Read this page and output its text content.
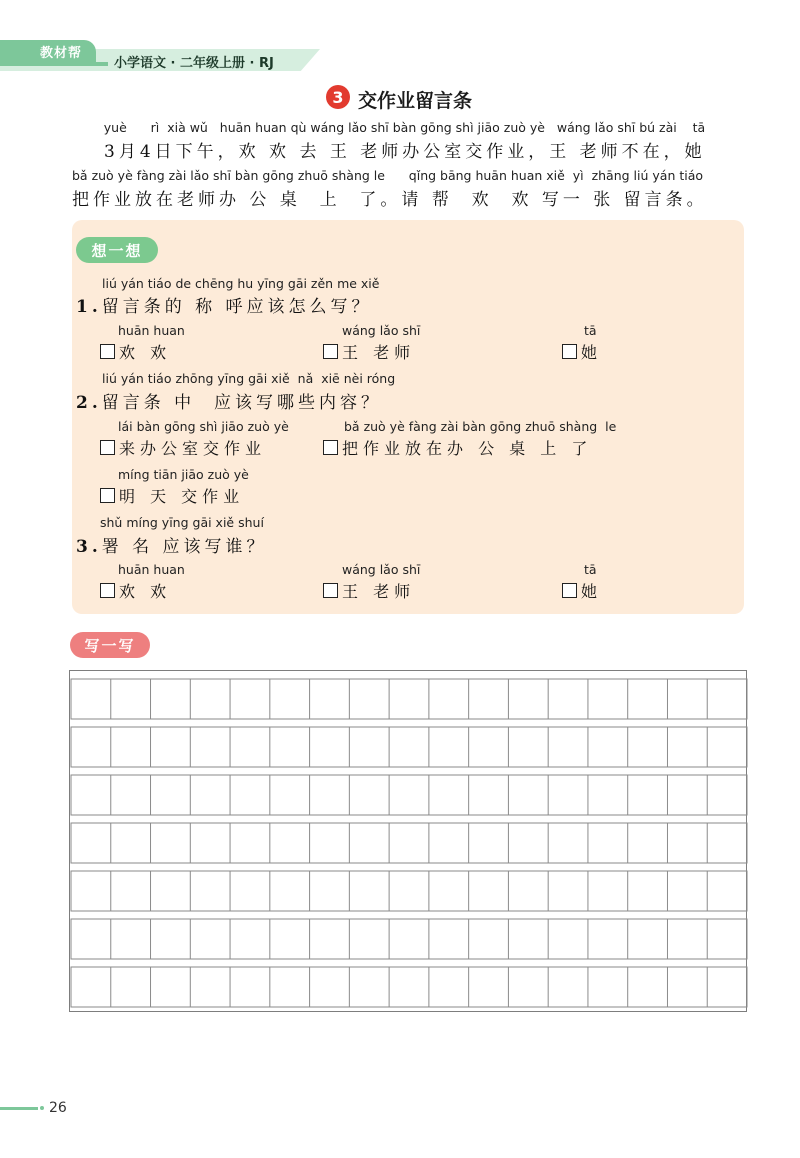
教材帮
小学语文 · 二年级上册 · RJ
3 交作业留言条
yuè      rì  xià wǔ   huān huan qù wáng lǎo shī bàn gōng shì jiāo zuò yè   wáng lǎo shī bú zài    tā
3月4日下午，欢 欢 去 王 老师办公室交作业，王 老师不在，她
bǎ zuò yè fàng zài lǎo shī bàn gōng zhuō shàng le      qǐng bāng huān huan xiě  yì  zhāng liú yán tiáo
把作业放在老师办 公 桌  上  了。请 帮  欢  欢 写一 张 留言条。
想一想
liú yán tiáo de chēng hu yīng gāi zěn me xiě
1.留言条的 称 呼应该怎么写？
huān huan
欢 欢
wáng lǎo shī
王 老师
tā
她
liú yán tiáo zhōng yīng gāi xiě  nǎ  xiē nèi róng
2.留言条 中  应该写哪些内容？
lái bàn gōng shì jiāo zuò yè
来办公室交作业
bǎ zuò yè fàng zài bàn gōng zhuō shàng  le
把作业放在办 公 桌 上 了
míng tiān jiāo zuò yè
明 天 交作业
shǔ míng yīng gāi xiě shuí
3.署 名 应该写谁？
huān huan
欢 欢
wáng lǎo shī
王 老师
tā
她
写一写
26
